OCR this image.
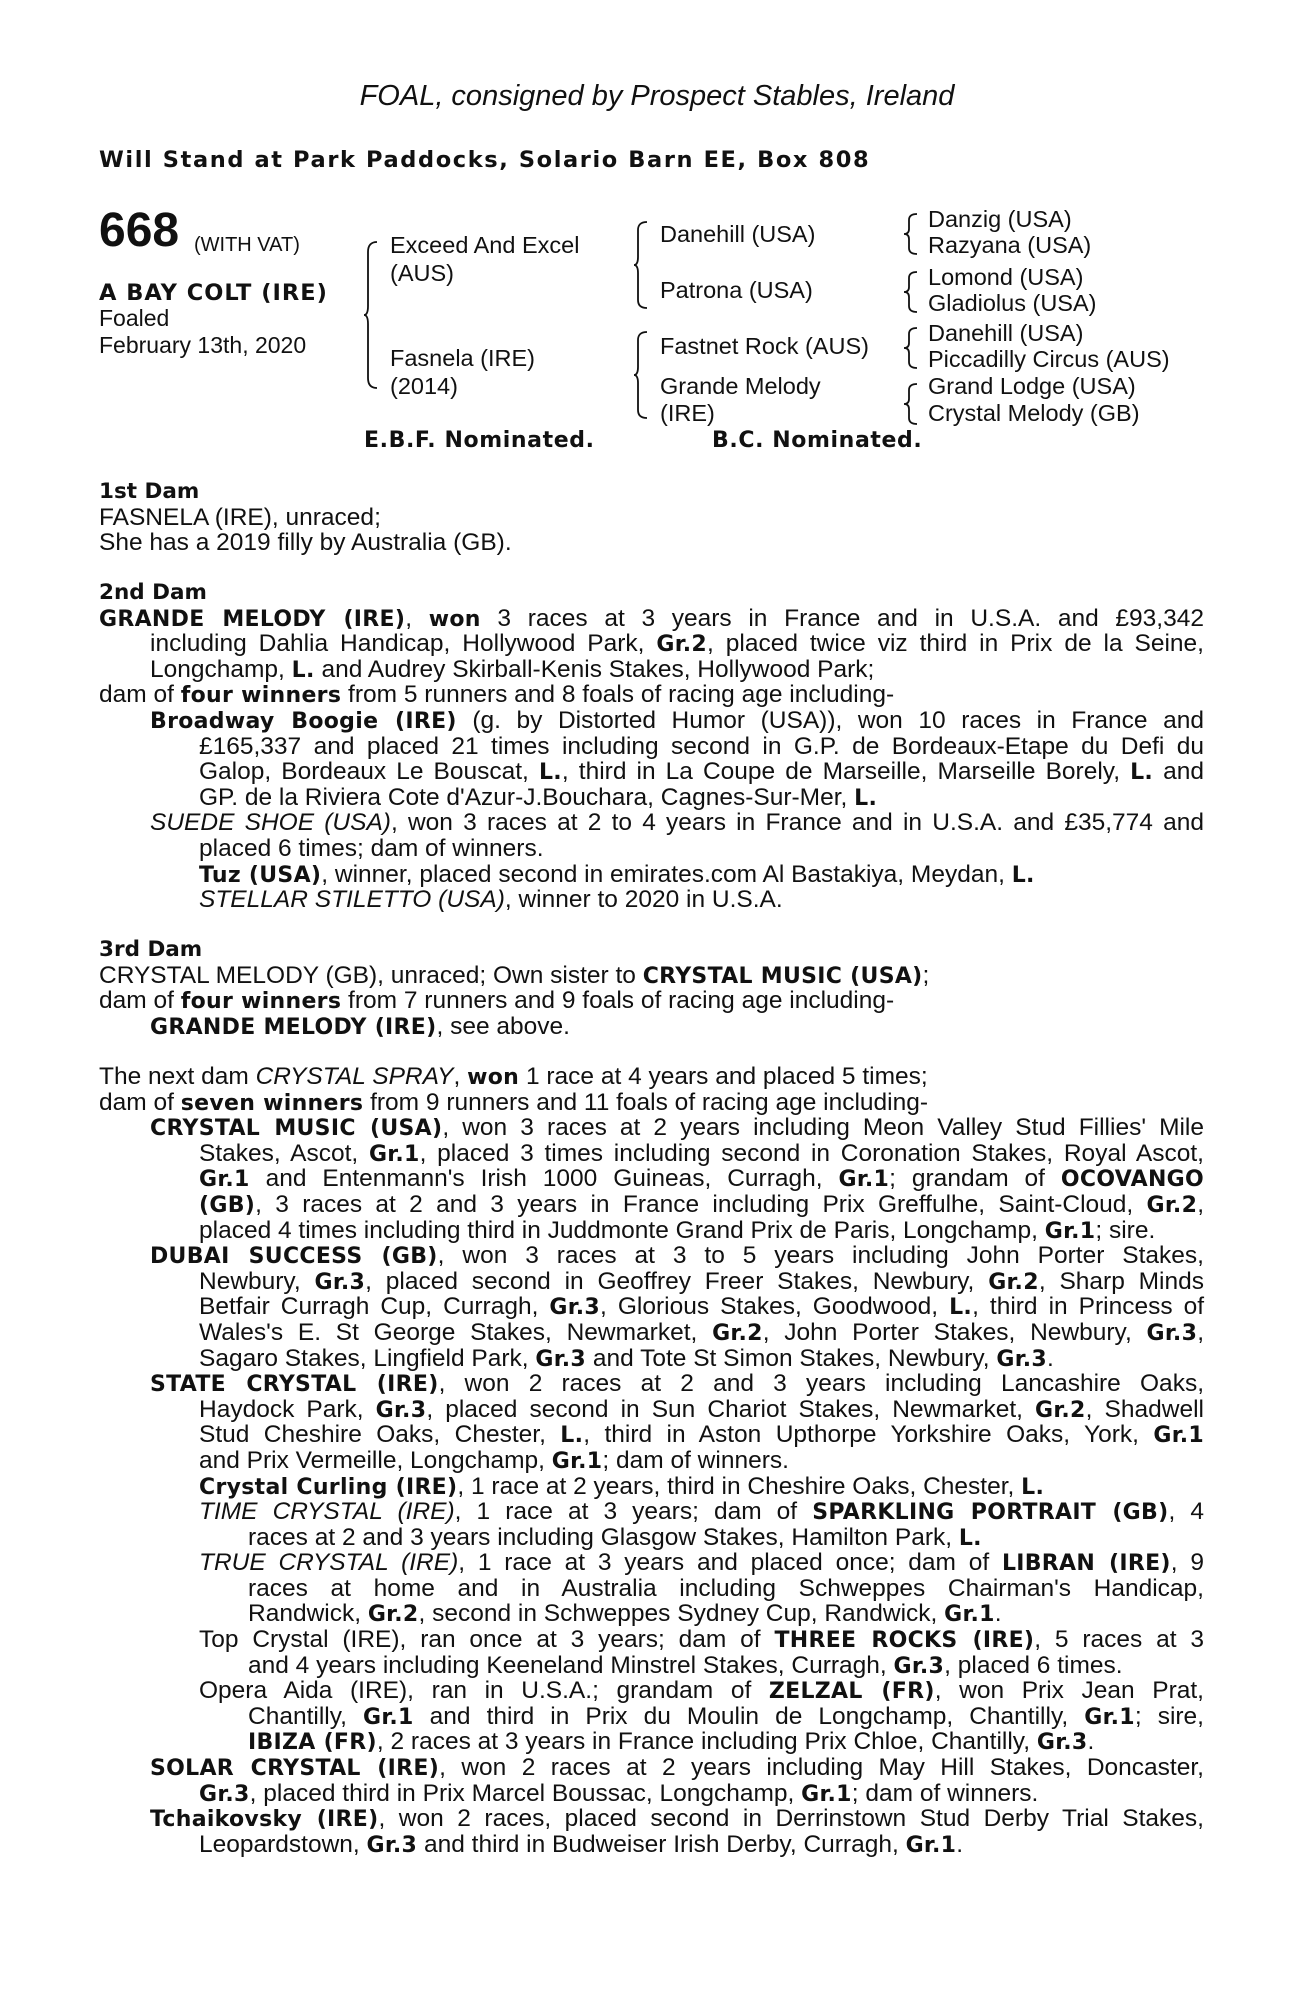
FOAL, consigned by Prospect Stables, Ireland
Will Stand at Park Paddocks, Solario Barn EE, Box 808
668 (WITH VAT)
A BAY COLT (IRE)
Foaled
February 13th, 2020
Exceed And Excel
(AUS)
Fasnela (IRE)
(2014)
Danehill (USA)
Patrona (USA)
Fastnet Rock (AUS)
Grande Melody
(IRE)
Danzig (USA)
Razyana (USA)
Lomond (USA)
Gladiolus (USA)
Danehill (USA)
Piccadilly Circus (AUS)
Grand Lodge (USA)
Crystal Melody (GB)
E.B.F. Nominated.	B.C. Nominated.
1st Dam
FASNELA (IRE), unraced;
She has a 2019 filly by Australia (GB).
2nd Dam
GRANDE MELODY (IRE), won 3 races at 3 years in France and in U.S.A. and £93,342
including Dahlia Handicap, Hollywood Park, Gr.2, placed twice viz third in Prix de la Seine,
Longchamp, L. and Audrey Skirball-Kenis Stakes, Hollywood Park;
dam of four winners from 5 runners and 8 foals of racing age including-
Broadway Boogie (IRE) (g. by Distorted Humor (USA)), won 10 races in France and
£165,337 and placed 21 times including second in G.P. de Bordeaux-Etape du Defi du
Galop, Bordeaux Le Bouscat, L., third in La Coupe de Marseille, Marseille Borely, L. and
GP. de la Riviera Cote d'Azur-J.Bouchara, Cagnes-Sur-Mer, L.
SUEDE SHOE (USA), won 3 races at 2 to 4 years in France and in U.S.A. and £35,774 and
placed 6 times; dam of winners.
Tuz (USA), winner, placed second in emirates.com Al Bastakiya, Meydan, L.
STELLAR STILETTO (USA), winner to 2020 in U.S.A.
3rd Dam
CRYSTAL MELODY (GB), unraced; Own sister to CRYSTAL MUSIC (USA);
dam of four winners from 7 runners and 9 foals of racing age including-
GRANDE MELODY (IRE), see above.
The next dam CRYSTAL SPRAY, won 1 race at 4 years and placed 5 times;
dam of seven winners from 9 runners and 11 foals of racing age including-
CRYSTAL MUSIC (USA), won 3 races at 2 years including Meon Valley Stud Fillies' Mile
Stakes, Ascot, Gr.1, placed 3 times including second in Coronation Stakes, Royal Ascot,
Gr.1 and Entenmann's Irish 1000 Guineas, Curragh, Gr.1; grandam of OCOVANGO
(GB), 3 races at 2 and 3 years in France including Prix Greffulhe, Saint-Cloud, Gr.2,
placed 4 times including third in Juddmonte Grand Prix de Paris, Longchamp, Gr.1; sire.
DUBAI SUCCESS (GB), won 3 races at 3 to 5 years including John Porter Stakes,
Newbury, Gr.3, placed second in Geoffrey Freer Stakes, Newbury, Gr.2, Sharp Minds
Betfair Curragh Cup, Curragh, Gr.3, Glorious Stakes, Goodwood, L., third in Princess of
Wales's E. St George Stakes, Newmarket, Gr.2, John Porter Stakes, Newbury, Gr.3,
Sagaro Stakes, Lingfield Park, Gr.3 and Tote St Simon Stakes, Newbury, Gr.3.
STATE CRYSTAL (IRE), won 2 races at 2 and 3 years including Lancashire Oaks,
Haydock Park, Gr.3, placed second in Sun Chariot Stakes, Newmarket, Gr.2, Shadwell
Stud Cheshire Oaks, Chester, L., third in Aston Upthorpe Yorkshire Oaks, York, Gr.1
and Prix Vermeille, Longchamp, Gr.1; dam of winners.
Crystal Curling (IRE), 1 race at 2 years, third in Cheshire Oaks, Chester, L.
TIME CRYSTAL (IRE), 1 race at 3 years; dam of SPARKLING PORTRAIT (GB), 4
races at 2 and 3 years including Glasgow Stakes, Hamilton Park, L.
TRUE CRYSTAL (IRE), 1 race at 3 years and placed once; dam of LIBRAN (IRE), 9
races at home and in Australia including Schweppes Chairman's Handicap,
Randwick, Gr.2, second in Schweppes Sydney Cup, Randwick, Gr.1.
Top Crystal (IRE), ran once at 3 years; dam of THREE ROCKS (IRE), 5 races at 3
and 4 years including Keeneland Minstrel Stakes, Curragh, Gr.3, placed 6 times.
Opera Aida (IRE), ran in U.S.A.; grandam of ZELZAL (FR), won Prix Jean Prat,
Chantilly, Gr.1 and third in Prix du Moulin de Longchamp, Chantilly, Gr.1; sire,
IBIZA (FR), 2 races at 3 years in France including Prix Chloe, Chantilly, Gr.3.
SOLAR CRYSTAL (IRE), won 2 races at 2 years including May Hill Stakes, Doncaster,
Gr.3, placed third in Prix Marcel Boussac, Longchamp, Gr.1; dam of winners.
Tchaikovsky (IRE), won 2 races, placed second in Derrinstown Stud Derby Trial Stakes,
Leopardstown, Gr.3 and third in Budweiser Irish Derby, Curragh, Gr.1.
